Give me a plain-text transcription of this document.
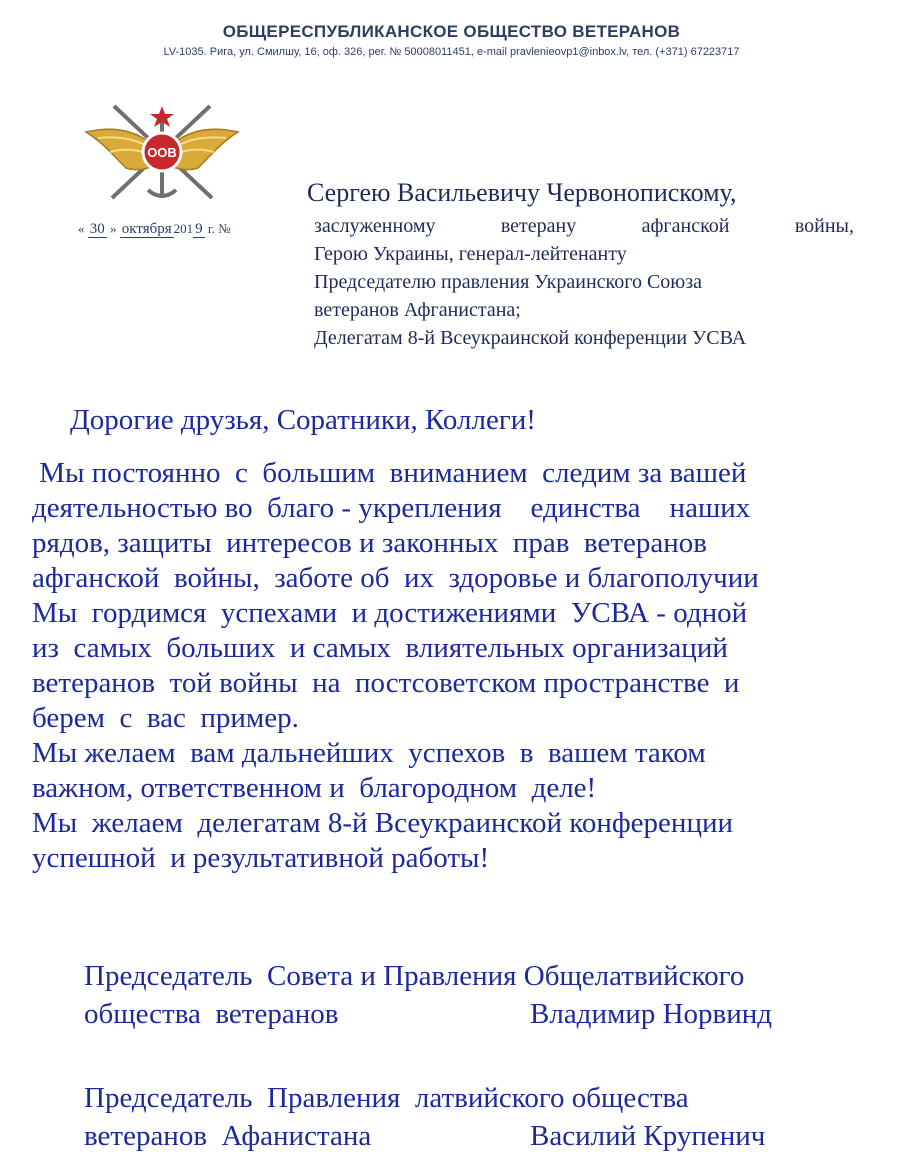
ОБЩЕРЕСПУБЛИКАНСКОЕ ОБЩЕСТВО ВЕТЕРАНОВ
LV-1035. Рига, ул. Смилшу, 16, оф. 326, рег. № 50008011451, e-mail pravlenieovp1@inbox.lv, тел. (+371) 67223717
ООВ
« 30 » октября 201 9 г. №
Сергею Васильевичу Червонопискому,
заслуженному ветерану афганской войны,
Герою Украины, генерал-лейтенанту
Председателю правления Украинского Союза
ветеранов Афганистана;
Делегатам 8-й Всеукраинской конференции УСВА
Дорогие друзья, Соратники, Коллеги!
Мы постоянно  с  большим  вниманием  следим за вашей
деятельностью во  благо - укрепления    единства    наших
рядов, защиты  интересов и законных  прав  ветеранов
афганской  войны,  заботе об  их  здоровье и благополучии
Мы  гордимся  успехами  и достижениями  УСВА - одной
из  самых  больших  и самых  влиятельных организаций
ветеранов  той войны  на  постсоветском пространстве  и
берем  с  вас  пример.
Мы желаем  вам дальнейших  успехов  в  вашем таком
важном, ответственном и  благородном  деле!
Мы  желаем  делегатам 8-й Всеукраинской конференции
успешной  и результативной работы!
Председатель  Совета и Правления Общелатвийского
общества  ветеранов	Владимир Норвинд
Председатель  Правления  латвийского общества
ветеранов  Афанистана	Василий Крупенич
